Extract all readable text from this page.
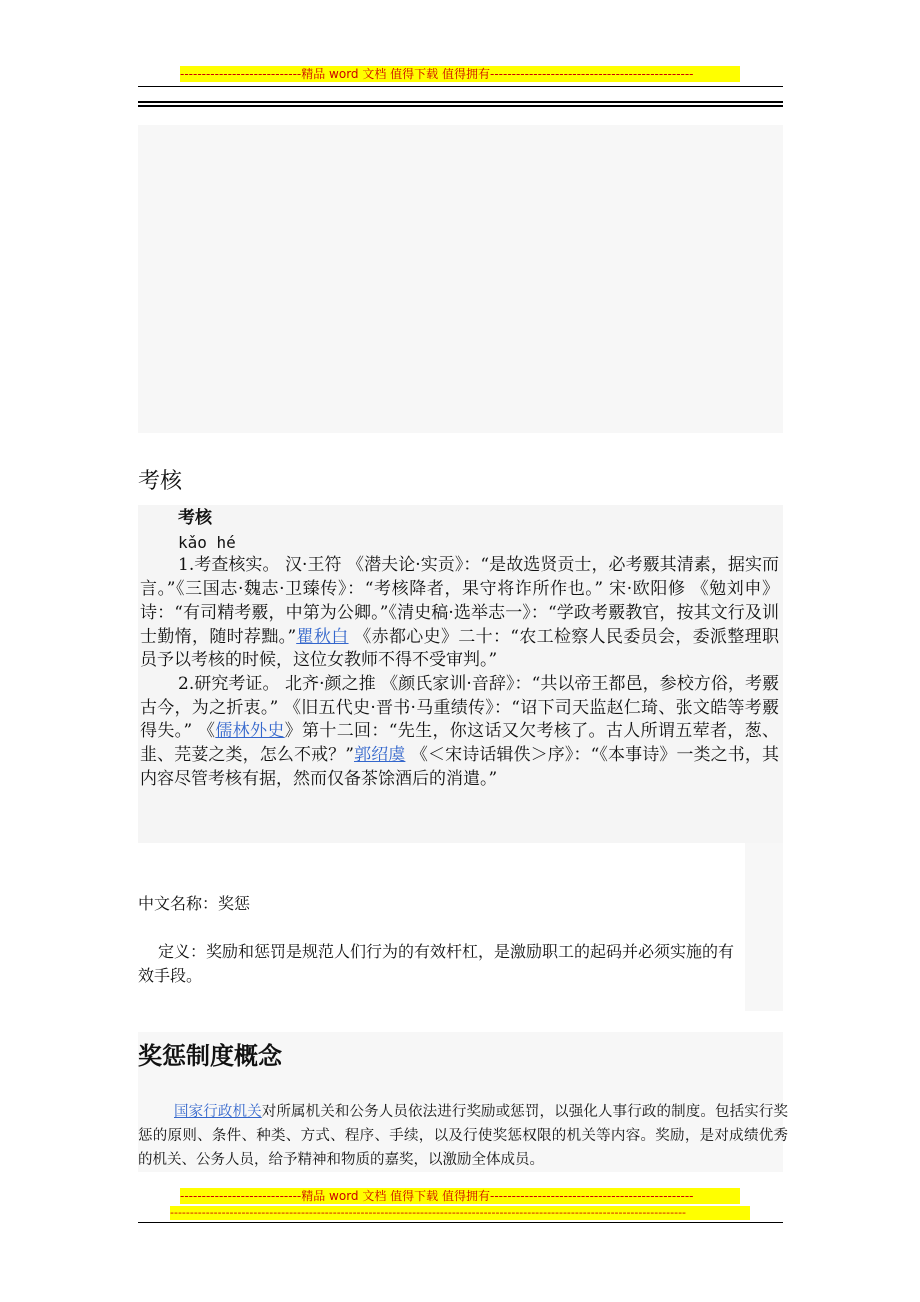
----------------------------精品 word 文档 值得下载 值得拥有-----------------------------------------------
考核
考核
kǎo hé
1.考查核实。 汉·王符 《潜夫论·实贡》：“是故选贤贡士，必考覈其清素，据实而言。”《三国志·魏志·卫臻传》：“考核降者，果守将诈所作也。” 宋·欧阳修 《勉刘申》诗：“有司精考覈，中第为公卿。”《清史稿·选举志一》：“学政考覈教官，按其文行及训士勤惰，随时荐黜。”瞿秋白 《赤都心史》二十：“农工检察人民委员会，委派整理职员予以考核的时候，这位女教师不得不受审判。”
2.研究考证。 北齐·颜之推 《颜氏家训·音辞》：“共以帝王都邑，参校方俗，考覈古今，为之折衷。” 《旧五代史·晋书·马重绩传》：“诏下司天监赵仁琦、张文皓等考覈得失。” 《儒林外史》第十二回：“先生，你这话又欠考核了。古人所谓五荤者，葱、韭、芫荽之类，怎么不戒？”郭绍虞 《＜宋诗话辑佚＞序》：“《本事诗》一类之书，其内容尽管考核有据，然而仅备茶馀酒后的消遣。”
中文名称：奖惩
定义：奖励和惩罚是规范人们行为的有效杆杠，是激励职工的起码并必须实施的有效手段。
奖惩制度概念
国家行政机关对所属机关和公务人员依法进行奖励或惩罚，以强化人事行政的制度。包括实行奖惩的原则、条件、种类、方式、程序、手续，以及行使奖惩权限的机关等内容。奖励，是对成绩优秀的机关、公务人员，给予精神和物质的嘉奖，以激励全体成员。
----------------------------精品 word 文档 值得下载 值得拥有-----------------------------------------------
----------------------------------------------------------------------------------------------------------------------------------
